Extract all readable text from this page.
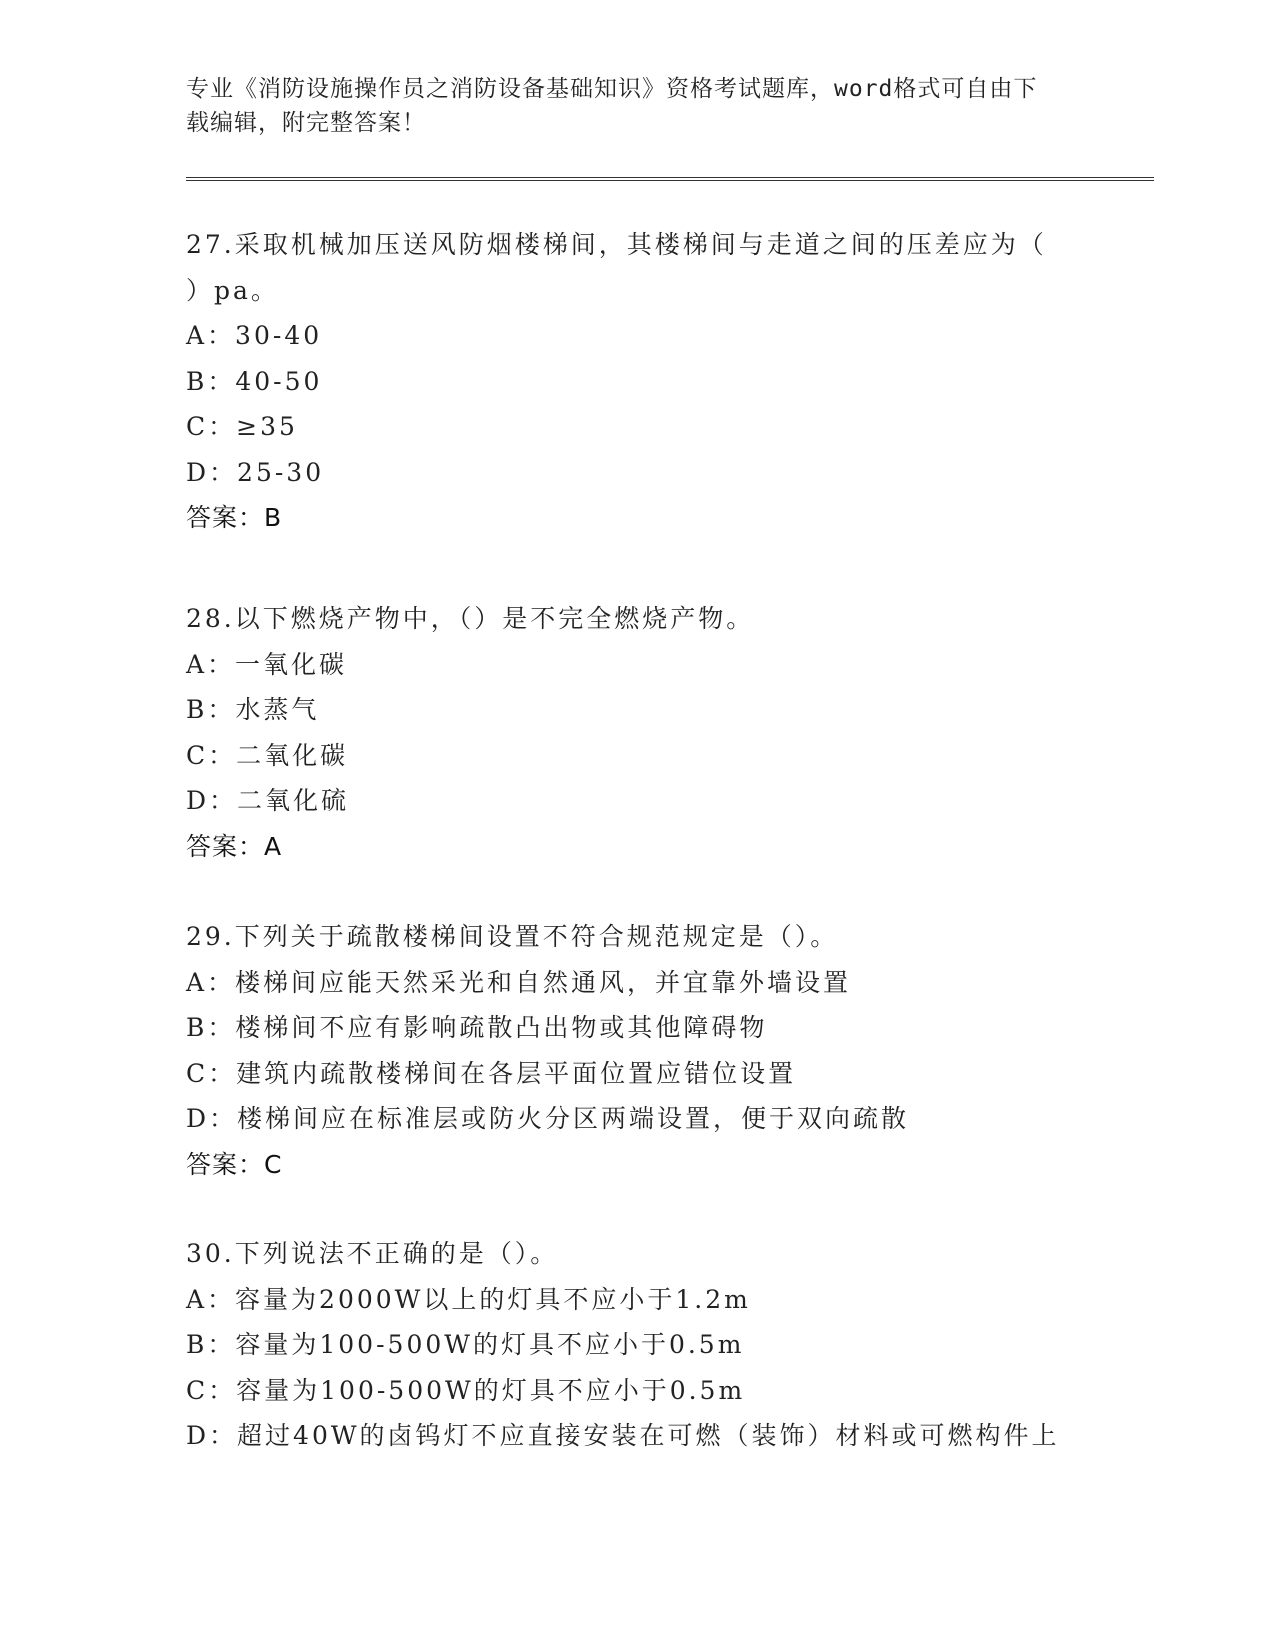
专业《消防设施操作员之消防设备基础知识》资格考试题库，word格式可自由下
载编辑，附完整答案！
27.采取机械加压送风防烟楼梯间，其楼梯间与走道之间的压差应为（
）pa。
A：30-40
B：40-50
C：≥35
D：25-30
答案：B
28.以下燃烧产物中，（）是不完全燃烧产物。
A：一氧化碳
B：水蒸气
C：二氧化碳
D：二氧化硫
答案：A
29.下列关于疏散楼梯间设置不符合规范规定是（）。
A：楼梯间应能天然采光和自然通风，并宜靠外墙设置
B：楼梯间不应有影响疏散凸出物或其他障碍物
C：建筑内疏散楼梯间在各层平面位置应错位设置
D：楼梯间应在标准层或防火分区两端设置，便于双向疏散
答案：C
30.下列说法不正确的是（）。
A：容量为2000W以上的灯具不应小于1.2m
B：容量为100-500W的灯具不应小于0.5m
C：容量为100-500W的灯具不应小于0.5m
D：超过40W的卤钨灯不应直接安装在可燃（装饰）材料或可燃构件上
